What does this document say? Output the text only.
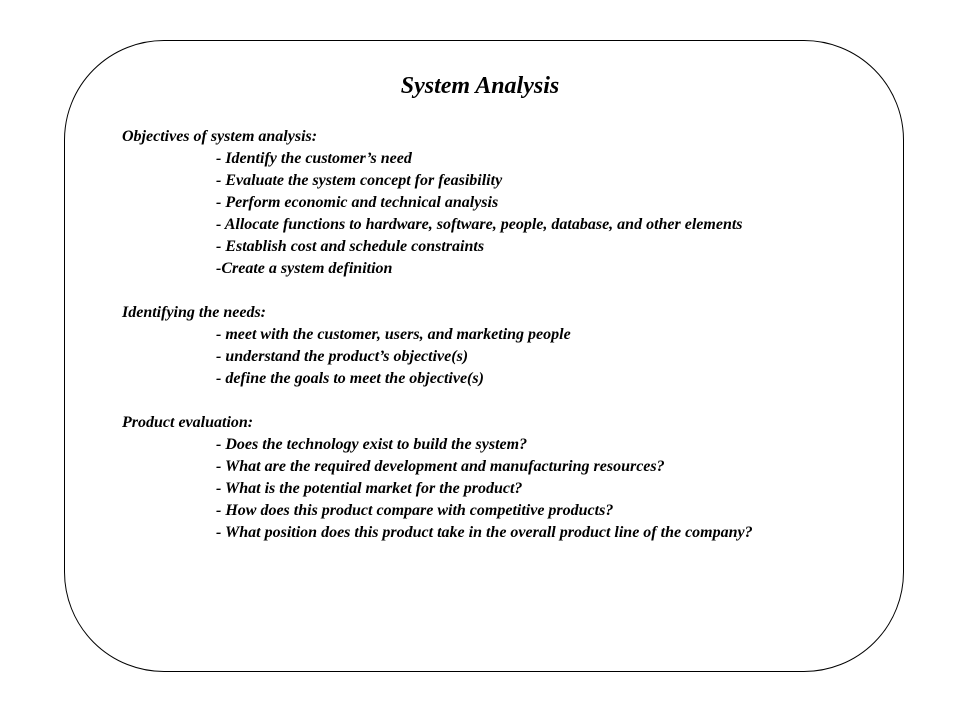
System Analysis
Objectives of system analysis:
- Identify the customer’s need
- Evaluate the system concept for feasibility
- Perform economic and technical analysis
- Allocate functions to hardware, software, people, database, and other elements
- Establish cost and schedule constraints
-Create a system definition
Identifying the needs:
- meet with the customer, users, and marketing people
- understand the product’s objective(s)
- define the goals to meet the objective(s)
Product evaluation:
- Does the technology exist to build the system?
- What are the required development and manufacturing resources?
- What is the potential market for the product?
- How does this product compare with competitive products?
- What position does this product take in the overall product line of the company?
